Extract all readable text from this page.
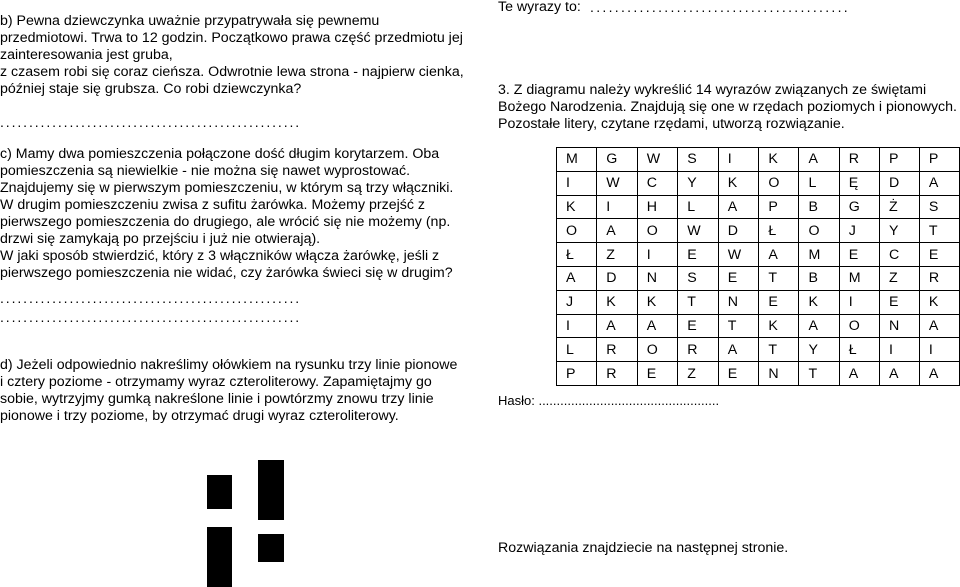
b) Pewna dziewczynka uważnie przypatrywała się pewnemu
przedmiotowi. Trwa to 12 godzin. Początkowo prawa część przedmiotu jej
zainteresowania jest gruba,
z czasem robi się coraz cieńsza. Odwrotnie lewa strona - najpierw cienka,
później staje się grubsza. Co robi dziewczynka?
....................................................
c) Mamy dwa pomieszczenia połączone dość długim korytarzem. Oba
pomieszczenia są niewielkie - nie można się nawet wyprostować.
Znajdujemy się w pierwszym pomieszczeniu, w którym są trzy włączniki.
W drugim pomieszczeniu zwisa z sufitu żarówka. Możemy przejść z
pierwszego pomieszczenia do drugiego, ale wrócić się nie możemy (np.
drzwi się zamykają po przejściu i już nie otwierają).
W jaki sposób stwierdzić, który z 3 włączników włącza żarówkę, jeśli z
pierwszego pomieszczenia nie widać, czy żarówka świeci się w drugim?
....................................................
....................................................
d) Jeżeli odpowiednio nakreślimy ołówkiem na rysunku trzy linie pionowe
i cztery poziome - otrzymamy wyraz czteroliterowy. Zapamiętajmy go
sobie, wytrzyjmy gumką nakreślone linie i powtórzmy znowu trzy linie
pionowe i trzy poziome, by otrzymać drugi wyraz czteroliterowy.
Te wyrazy to: ..........................................
3. Z diagramu należy wykreślić 14 wyrazów związanych ze świętami
Bożego Narodzenia. Znajdują się one w rzędach poziomych i pionowych.
Pozostałe litery, czytane rzędami, utworzą rozwiązanie.
M	G	W	S	I	K	A	R	P	P
I	W	C	Y	K	O	L	Ę	D	A
K	I	H	L	A	P	B	G	Ż	S
O	A	O	W	D	Ł	O	J	Y	T
Ł	Z	I	E	W	A	M	E	C	E
A	D	N	S	E	T	B	M	Z	R
J	K	K	T	N	E	K	I	E	K
I	A	A	E	T	K	A	O	N	A
L	R	O	R	A	T	Y	Ł	I	I
P	R	E	Z	E	N	T	A	A	A
Hasło: ..................................................
Rozwiązania znajdziecie na następnej stronie.
